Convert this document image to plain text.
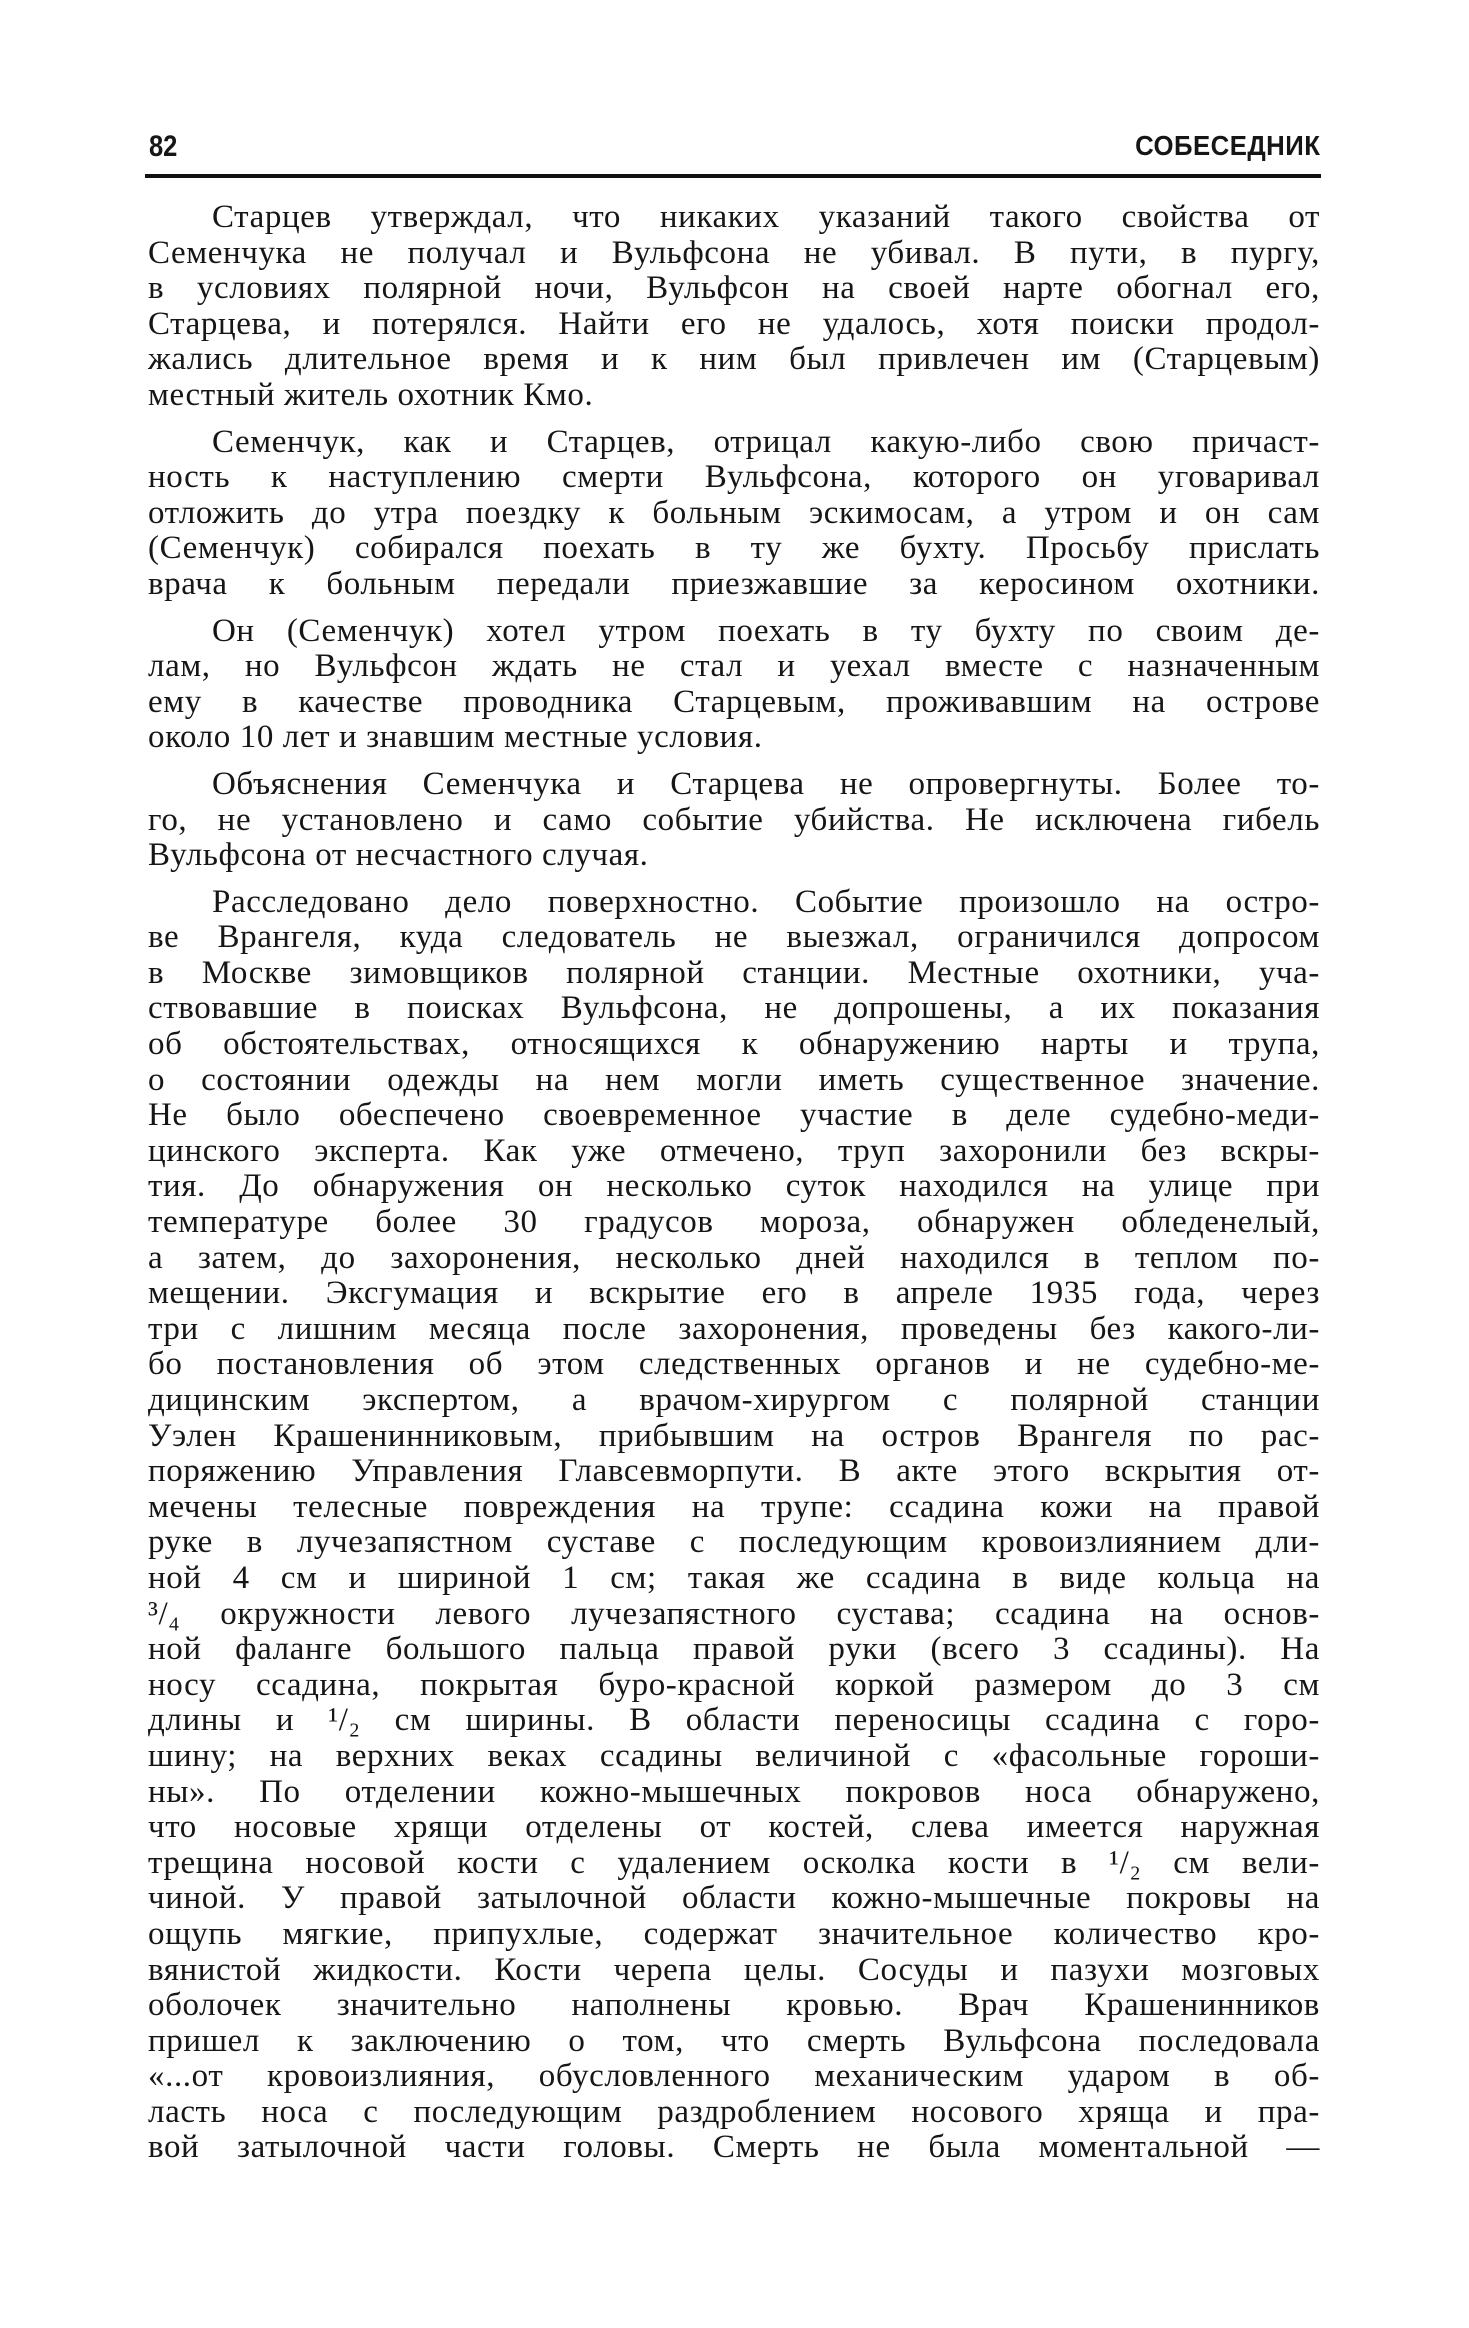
82	СОБЕСЕДНИК
Старцев утверждал, что никаких указаний такого свойства от
Семенчука не получал и Вульфсона не убивал. В пути, в пургу,
в условиях полярной ночи, Вульфсон на своей нарте обогнал его,
Старцева, и потерялся. Найти его не удалось, хотя поиски продол-
жались длительное время и к ним был привлечен им (Старцевым)
местный житель охотник Кмо.
Семенчук, как и Старцев, отрицал какую-либо свою причаст-
ность к наступлению смерти Вульфсона, которого он уговаривал
отложить до утра поездку к больным эскимосам, а утром и он сам
(Семенчук) собирался поехать в ту же бухту. Просьбу прислать
врача к больным передали приезжавшие за керосином охотники.
Он (Семенчук) хотел утром поехать в ту бухту по своим де-
лам, но Вульфсон ждать не стал и уехал вместе с назначенным
ему в качестве проводника Старцевым, проживавшим на острове
около 10 лет и знавшим местные условия.
Объяснения Семенчука и Старцева не опровергнуты. Более то-
го, не установлено и само событие убийства. Не исключена гибель
Вульфсона от несчастного случая.
Расследовано дело поверхностно. Событие произошло на остро-
ве Врангеля, куда следователь не выезжал, ограничился допросом
в Москве зимовщиков полярной станции. Местные охотники, уча-
ствовавшие в поисках Вульфсона, не допрошены, а их показания
об обстоятельствах, относящихся к обнаружению нарты и трупа,
о состоянии одежды на нем могли иметь существенное значение.
Не было обеспечено своевременное участие в деле судебно-меди-
цинского эксперта. Как уже отмечено, труп захоронили без вскры-
тия. До обнаружения он несколько суток находился на улице при
температуре более 30 градусов мороза, обнаружен обледенелый,
а затем, до захоронения, несколько дней находился в теплом по-
мещении. Эксгумация и вскрытие его в апреле 1935 года, через
три с лишним месяца после захоронения, проведены без какого-ли-
бо постановления об этом следственных органов и не судебно-ме-
дицинским экспертом, а врачом-хирургом с полярной станции
Уэлен Крашенинниковым, прибывшим на остров Врангеля по рас-
поряжению Управления Главсевморпути. В акте этого вскрытия от-
мечены телесные повреждения на трупе: ссадина кожи на правой
руке в лучезапястном суставе с последующим кровоизлиянием дли-
ной 4 см и шириной 1 см; такая же ссадина в виде кольца на
³/₄ окружности левого лучезапястного сустава; ссадина на основ-
ной фаланге большого пальца правой руки (всего 3 ссадины). На
носу ссадина, покрытая буро-красной коркой размером до 3 см
длины и ¹/₂ см ширины. В области переносицы ссадина с горо-
шину; на верхних веках ссадины величиной с «фасольные горoши-
ны». По отделении кожно-мышечных покровов носа обнаружено,
что носовые хрящи отделены от костей, слева имеется наружная
трещина носовой кости с удалением осколка кости в ¹/₂ см вели-
чиной. У правой затылочной области кожно-мышечные покровы на
ощупь мягкие, припухлые, содержат значительное количество кро-
вянистой жидкости. Кости черепа целы. Сосуды и пазухи мозговых
оболочек значительно наполнены кровью. Врач Крашенинников
пришел к заключению о том, что смерть Вульфсона последовала
«...от кровоизлияния, обусловленного механическим ударом в об-
ласть носа с последующим раздроблением носового хряща и пра-
вой затылочной части головы. Смерть не была моментальной —
